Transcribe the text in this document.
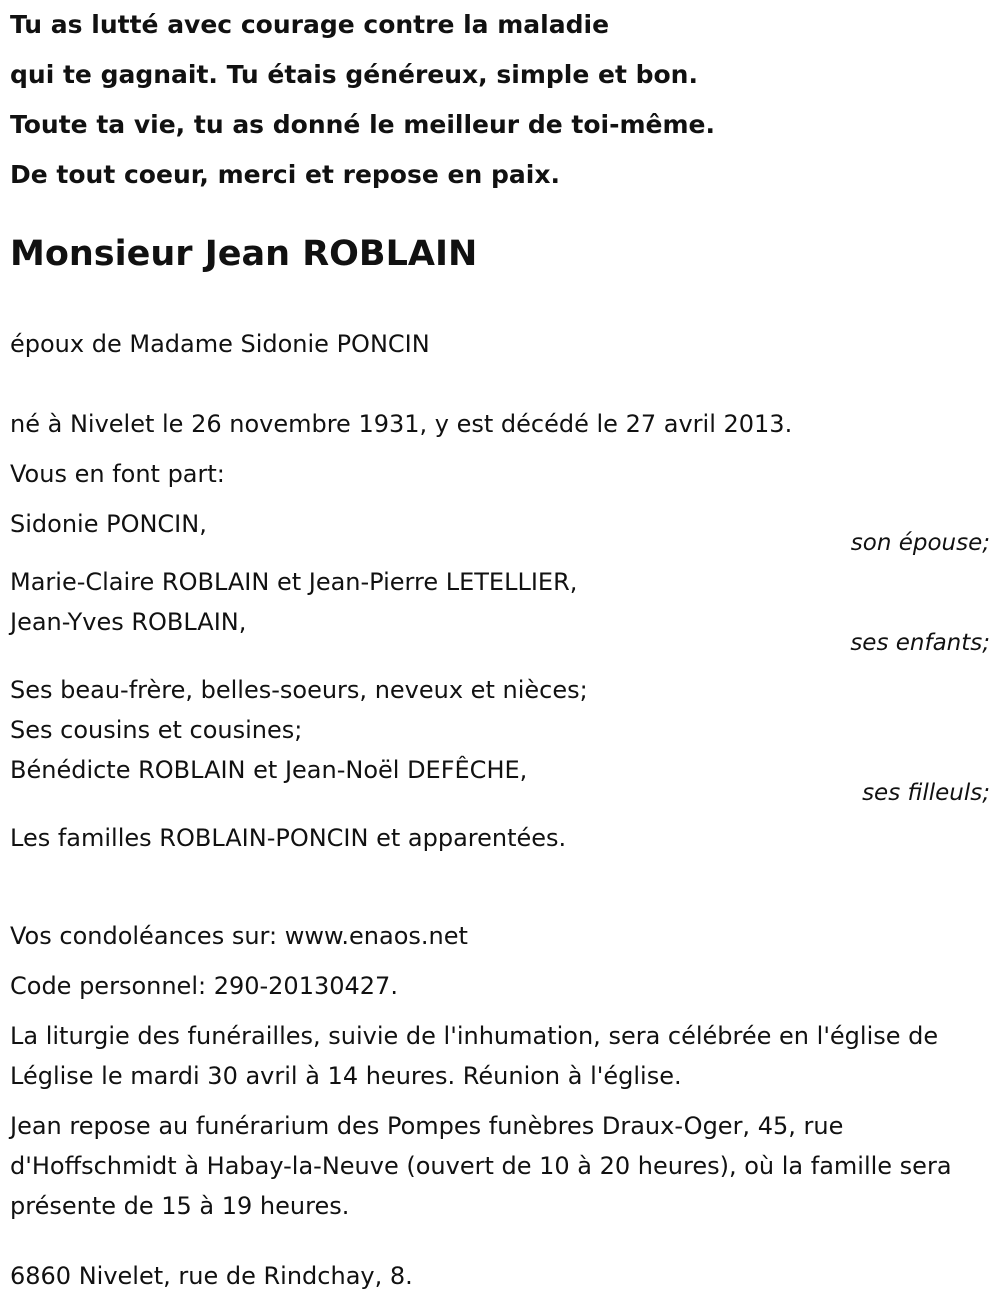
Tu as lutté avec courage contre la maladie
qui te gagnait. Tu étais généreux, simple et bon.
Toute ta vie, tu as donné le meilleur de toi-même.
De tout coeur, merci et repose en paix.
Monsieur Jean ROBLAIN
époux de Madame Sidonie PONCIN
né à Nivelet le 26 novembre 1931, y est décédé le 27 avril 2013.
Vous en font part:
Sidonie PONCIN,
son épouse;
Marie-Claire ROBLAIN et Jean-Pierre LETELLIER,
Jean-Yves ROBLAIN,
ses enfants;
Ses beau-frère, belles-soeurs, neveux et nièces;
Ses cousins et cousines;
Bénédicte ROBLAIN et Jean-Noël DEFÊCHE,
ses filleuls;
Les familles ROBLAIN-PONCIN et apparentées.
Vos condoléances sur: www.enaos.net
Code personnel: 290-20130427.
La liturgie des funérailles, suivie de l'inhumation, sera célébrée en l'église de Léglise le mardi 30 avril à 14 heures. Réunion à l'église.
Jean repose au funérarium des Pompes funèbres Draux-Oger, 45, rue d'Hoffschmidt à Habay-la-Neuve (ouvert de 10 à 20 heures), où la famille sera présente de 15 à 19 heures.
6860 Nivelet, rue de Rindchay, 8.
